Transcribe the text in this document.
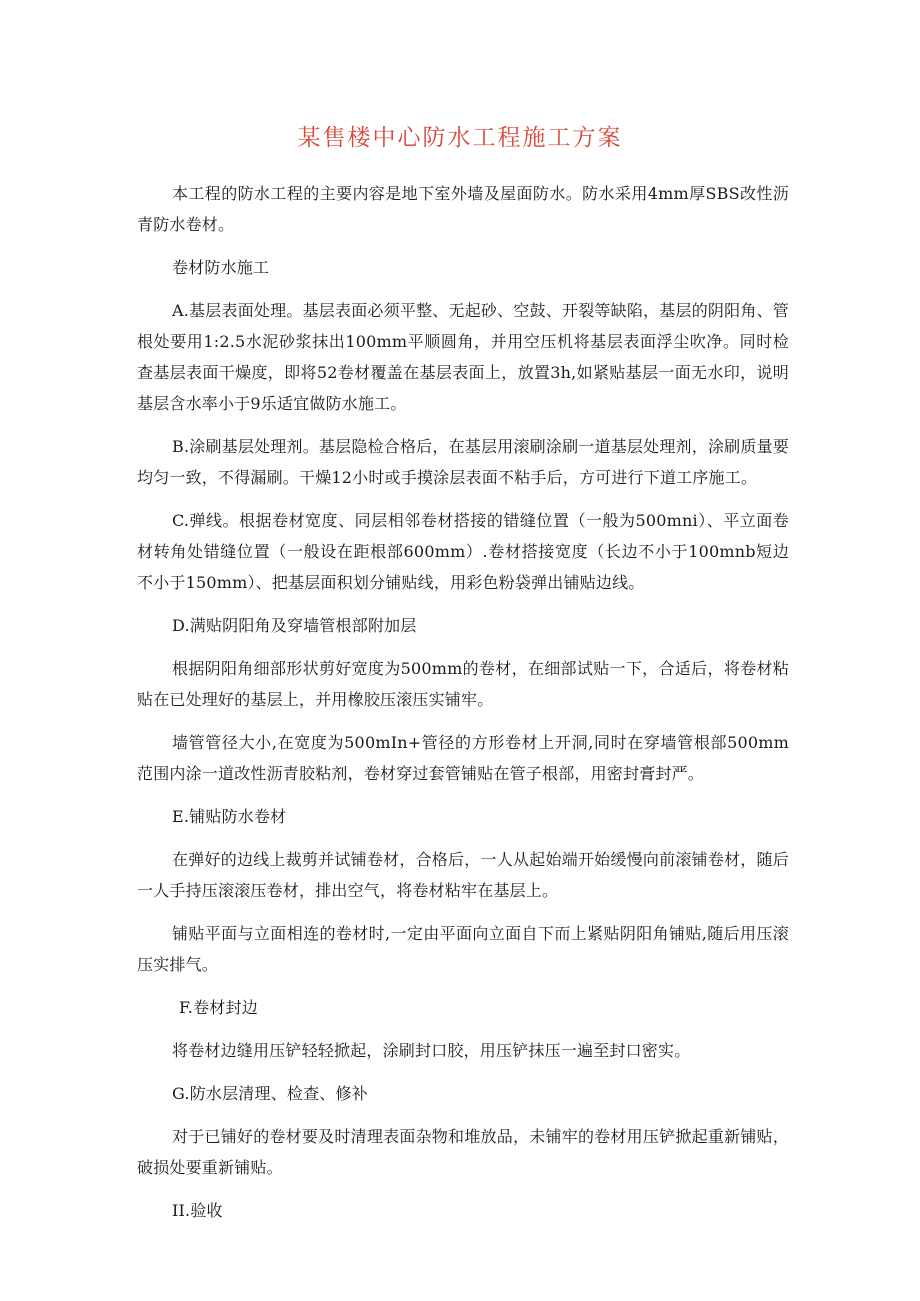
某售楼中心防水工程施工方案

本工程的防水工程的主要内容是地下室外墙及屋面防水。防水采用4mm厚SBS改性沥青防水卷材。

卷材防水施工

A.基层表面处理。基层表面必须平整、无起砂、空鼓、开裂等缺陷，基层的阴阳角、管根处要用1:2.5水泥砂浆抹出100mm平顺圆角，并用空压机将基层表面浮尘吹净。同时检查基层表面干燥度，即将52卷材覆盖在基层表面上，放置3h,如紧贴基层一面无水印，说明基层含水率小于9乐适宜做防水施工。

B.涂刷基层处理剂。基层隐检合格后，在基层用滚刷涂刷一道基层处理剂，涂刷质量要均匀一致，不得漏刷。干燥12小时或手摸涂层表面不粘手后，方可进行下道工序施工。

C.弹线。根据卷材宽度、同层相邻卷材搭接的错缝位置（一般为500mni）、平立面卷材转角处错缝位置（一般设在距根部600mm）.卷材搭接宽度（长边不小于100mnb短边不小于150mm）、把基层面积划分铺贴线，用彩色粉袋弹出铺贴边线。

D.满贴阴阳角及穿墙管根部附加层

根据阴阳角细部形状剪好宽度为500mm的卷材，在细部试贴一下，合适后，将卷材粘贴在已处理好的基层上，并用橡胶压滚压实铺牢。

墙管管径大小,在宽度为500mIn+管径的方形卷材上开洞,同时在穿墙管根部500mm范围内涂一道改性沥青胶粘剂，卷材穿过套管铺贴在管子根部，用密封膏封严。

E.铺贴防水卷材

在弹好的边线上裁剪并试铺卷材，合格后，一人从起始端开始缓慢向前滚铺卷材，随后一人手持压滚滚压卷材，排出空气，将卷材粘牢在基层上。

铺贴平面与立面相连的卷材时,一定由平面向立面自下而上紧贴阴阳角铺贴,随后用压滚压实排气。

F.卷材封边

将卷材边缝用压铲轻轻掀起，涂刷封口胶，用压铲抹压一遍至封口密实。

G.防水层清理、检查、修补

对于已铺好的卷材要及时清理表面杂物和堆放品，未铺牢的卷材用压铲掀起重新铺贴，破损处要重新铺贴。

II.验收
